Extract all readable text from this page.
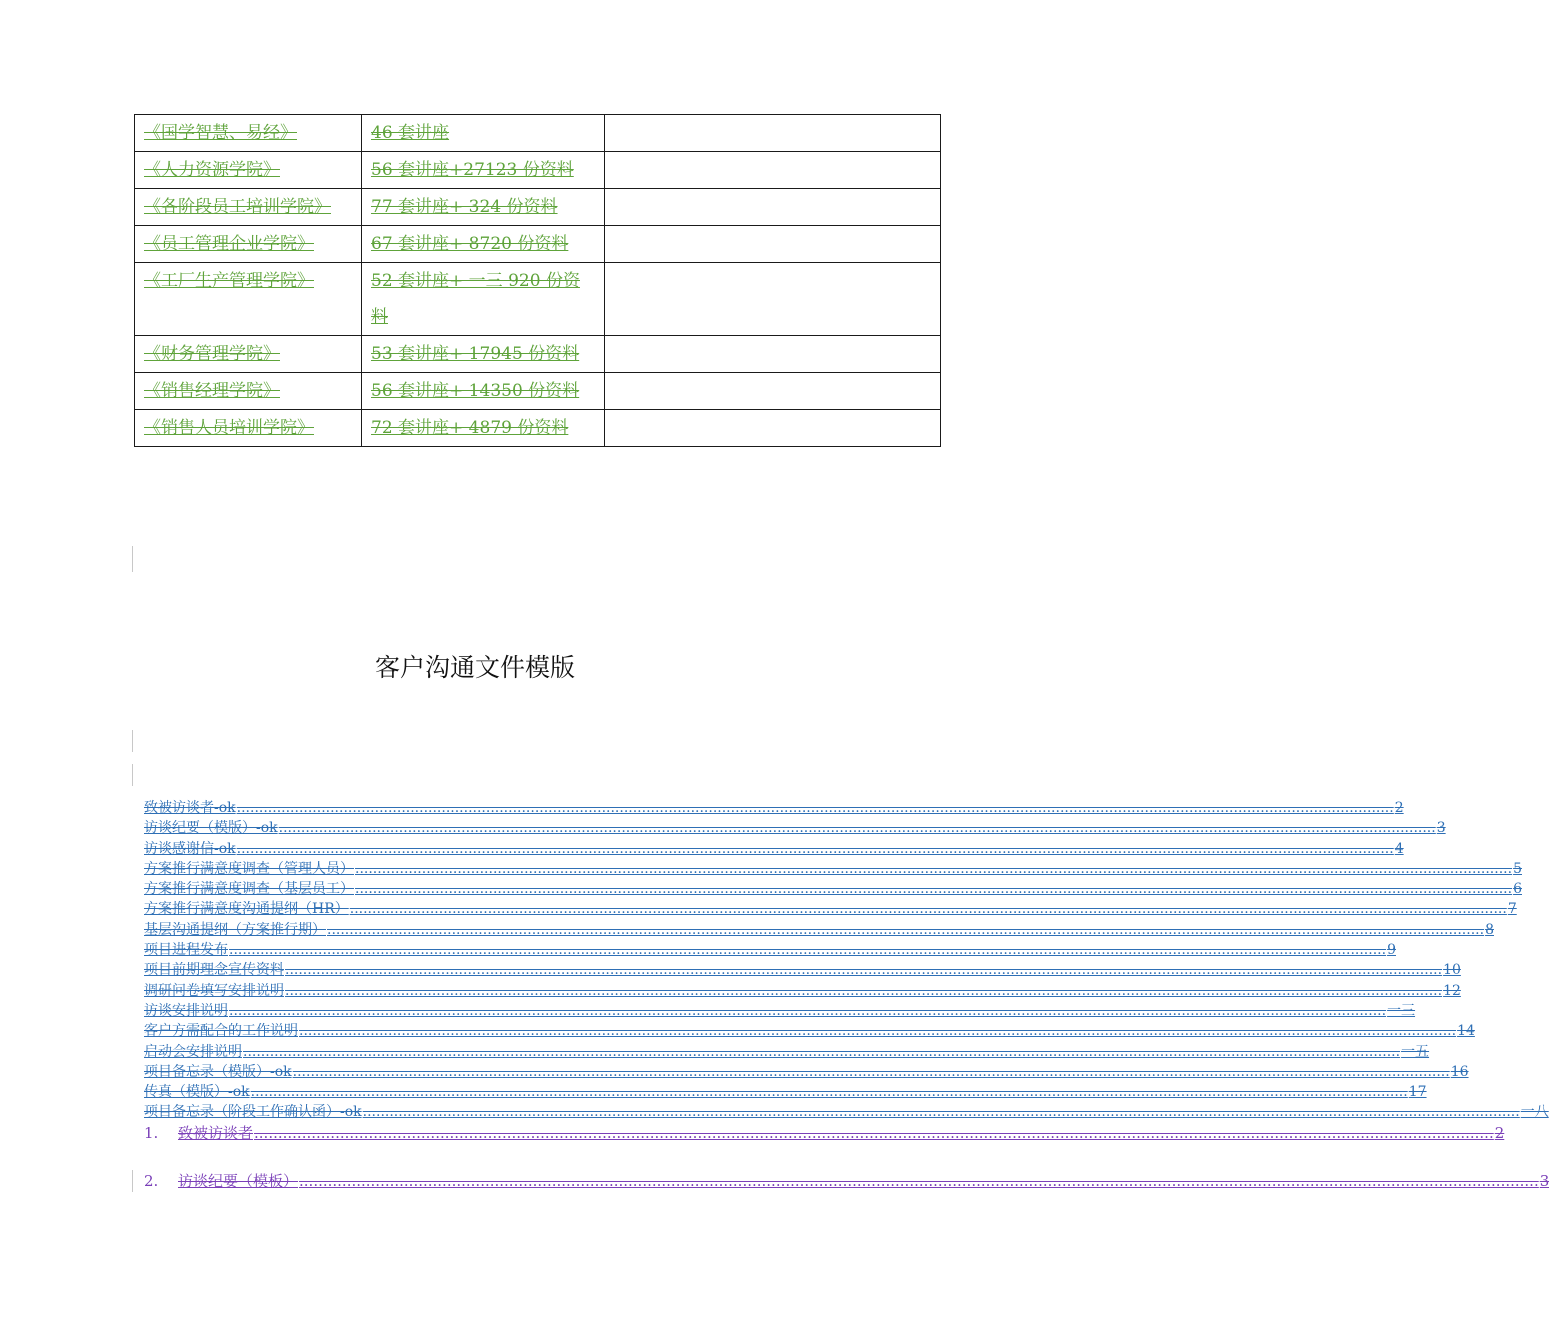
《国学智慧、易经》	46 套讲座	
《人力资源学院》	56 套讲座+27123 份资料	
《各阶段员工培训学院》	77 套讲座+ 324 份资料	
《员工管理企业学院》	67 套讲座+ 8720 份资料	
《工厂生产管理学院》	52 套讲座+ 一三 920 份资料	
《财务管理学院》	53 套讲座+ 17945 份资料	
《销售经理学院》	56 套讲座+ 14350 份资料	
《销售人员培训学院》	72 套讲座+ 4879 份资料	
客户沟通文件模版
致被访谈者-ok .................................................................................................................................................................................................................................................................... 2
访谈纪要（模版）-ok .................................................................................................................................................................................................................................................................... 3
访谈感谢信-ok .................................................................................................................................................................................................................................................................... 4
方案推行满意度调查（管理人员） .................................................................................................................................................................................................................................................................... 5
方案推行满意度调查（基层员工） .................................................................................................................................................................................................................................................................... 6
方案推行满意度沟通提纲（HR） .................................................................................................................................................................................................................................................................... 7
基层沟通提纲（方案推行期） .................................................................................................................................................................................................................................................................... 8
项目进程发布 .................................................................................................................................................................................................................................................................... 9
项目前期理念宣传资料 .................................................................................................................................................................................................................................................................... 10
调研问卷填写安排说明 .................................................................................................................................................................................................................................................................... 12
访谈安排说明 .................................................................................................................................................................................................................................................................... 一三
客户方需配合的工作说明 .................................................................................................................................................................................................................................................................... 14
启动会安排说明 .................................................................................................................................................................................................................................................................... 一五
项目备忘录（模版）-ok .................................................................................................................................................................................................................................................................... 16
传真（模版）-ok .................................................................................................................................................................................................................................................................... 17
项目备忘录（阶段工作确认函）-ok .................................................................................................................................................................................................................................................................... 一八
1. 致被访谈者 .................................................................................................................................................................................................................................................................... 2
2. 访谈纪要（模板） .................................................................................................................................................................................................................................................................... 3
